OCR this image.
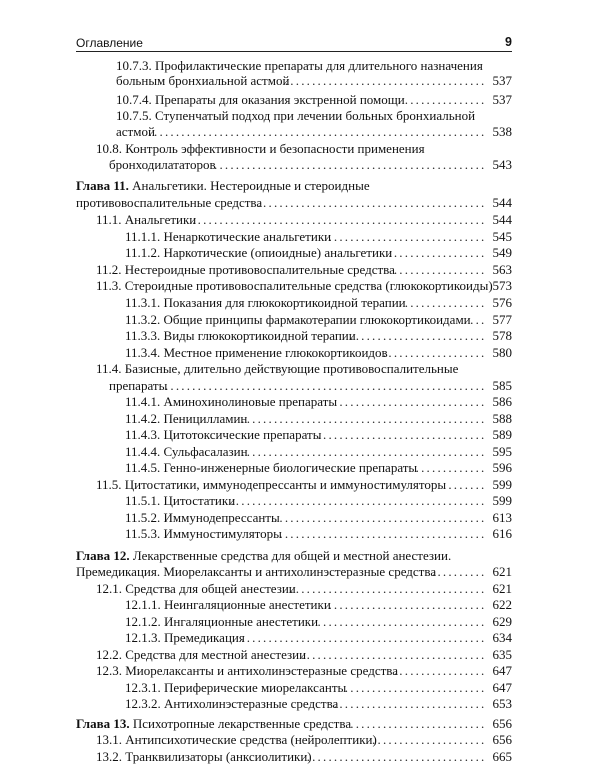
Оглавление	9
10.7.3. Профилактические препараты для длительного назначения
больным бронхиальной астмой	537
.....................................
10.7.4. Препараты для оказания экстренной помощи	537
...............
10.7.5. Ступенчатый подход при лечении больных бронхиальной
астмой	538
..............................................................
10.8. Контроль эффективности и безопасности применения
бронходилататоров	543
..................................................
Глава 11. Анальгетики. Нестероидные и стероидные
противовоспалительные средства	544
..........................................
11.1. Анальгетики	544
......................................................
11.1.1. Ненаркотические анальгетики	545
.............................
11.1.2. Наркотические (опиоидные) анальгетики	549
..................
11.2. Нестероидные противовоспалительные средства	563
.................
11.3. Стероидные противовоспалительные средства (глюкокортикоиды) 573
11.3.1. Показания для глюкокортикоидной терапии	576
...............
11.3.2. Общие принципы фармакотерапии глюкокортикоидами 577
...
11.3.3. Виды глюкокортикоидной терапии	578
.........................
11.3.4. Местное применение глюкокортикоидов	580
...................
11.4. Базисные, длительно действующие противовоспалительные
препараты	585
...........................................................
11.4.1. Аминохинолиновые препараты	586
............................
11.4.2. Пеницилламин	588
.............................................
11.4.3. Цитотоксические препараты	589
...............................
11.4.4. Сульфасалазин	595
.............................................
11.4.5. Генно-инженерные биологические препараты	596
.............
11.5. Цитостатики, иммунодепрессанты и иммуностимуляторы	599
........
11.5.1. Цитостатики	599
...............................................
11.5.2. Иммунодепрессанты	613
.......................................
11.5.3. Иммуностимуляторы	616
......................................
Глава 12. Лекарственные средства для общей и местной анестезии.
Премедикация. Миорелаксанты и антихолинэстеразные средства	621
..........
12.1. Средства для общей анестезии	621
....................................
12.1.1. Неингаляционные анестетики	622
.............................
12.1.2. Ингаляционные анестетики	629
...............................
12.1.3. Премедикация	634
.............................................
12.2. Средства для местной анестезии	635
..................................
12.3. Миорелаксанты и антихолинэстеразные средства	647
.................
12.3.1. Периферические миорелаксанты	647
..........................
12.3.2. Антихолинэстеразные средства	653
............................
Глава 13. Психотропные лекарственные средства	656
.........................
13.1. Антипсихотические средства (нейролептики)	656
.....................
13.2. Транквилизаторы (анксиолитики)	665
.................................
